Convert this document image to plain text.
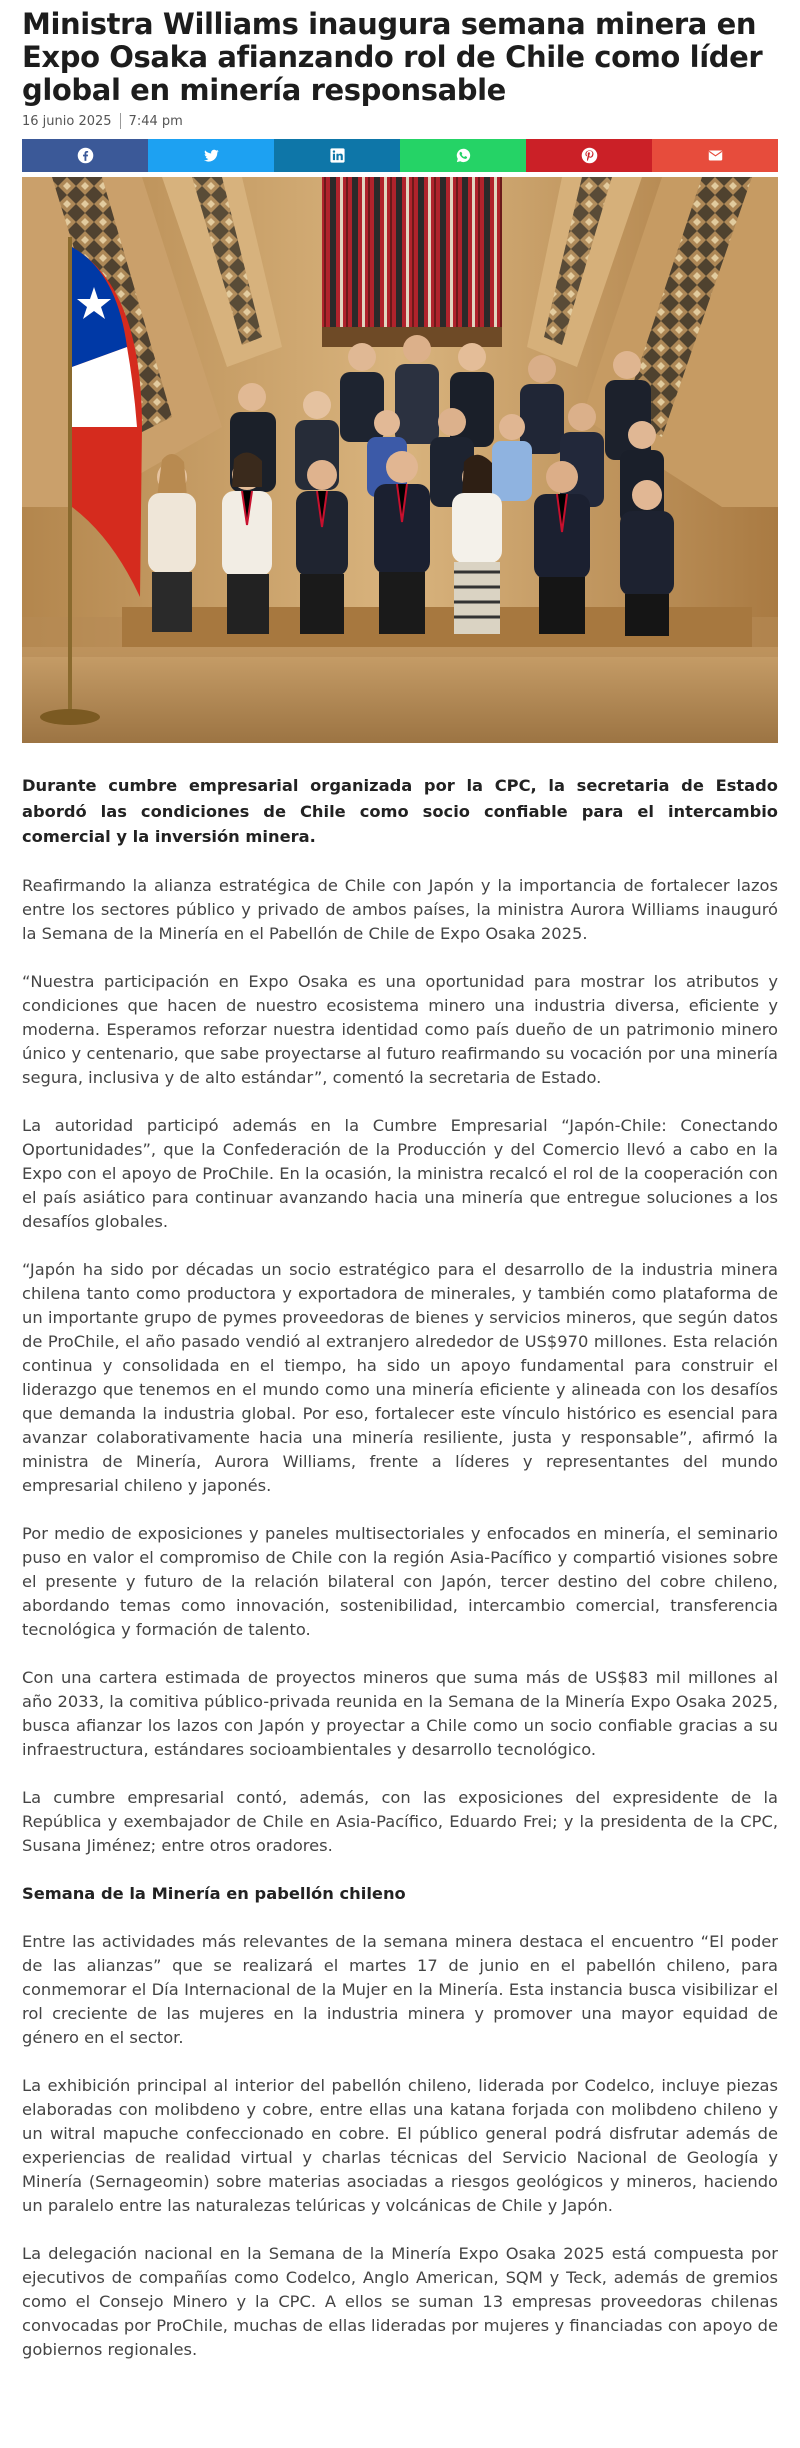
Ministra Williams inaugura semana minera en Expo Osaka afianzando rol de Chile como líder global en minería responsable
16 junio 2025 7:44 pm

Durante cumbre empresarial organizada por la CPC, la secretaria de Estado abordó las condiciones de Chile como socio confiable para el intercambio comercial y la inversión minera.

Reafirmando la alianza estratégica de Chile con Japón y la importancia de fortalecer lazos entre los sectores público y privado de ambos países, la ministra Aurora Williams inauguró la Semana de la Minería en el Pabellón de Chile de Expo Osaka 2025.

“Nuestra participación en Expo Osaka es una oportunidad para mostrar los atributos y condiciones que hacen de nuestro ecosistema minero una industria diversa, eficiente y moderna. Esperamos reforzar nuestra identidad como país dueño de un patrimonio minero único y centenario, que sabe proyectarse al futuro reafirmando su vocación por una minería segura, inclusiva y de alto estándar”, comentó la secretaria de Estado.

La autoridad participó además en la Cumbre Empresarial “Japón-Chile: Conectando Oportunidades”, que la Confederación de la Producción y del Comercio llevó a cabo en la Expo con el apoyo de ProChile. En la ocasión, la ministra recalcó el rol de la cooperación con el país asiático para continuar avanzando hacia una minería que entregue soluciones a los desafíos globales.

“Japón ha sido por décadas un socio estratégico para el desarrollo de la industria minera chilena tanto como productora y exportadora de minerales, y también como plataforma de un importante grupo de pymes proveedoras de bienes y servicios mineros, que según datos de ProChile, el año pasado vendió al extranjero alrededor de US$970 millones. Esta relación continua y consolidada en el tiempo, ha sido un apoyo fundamental para construir el liderazgo que tenemos en el mundo como una minería eficiente y alineada con los desafíos que demanda la industria global. Por eso, fortalecer este vínculo histórico es esencial para avanzar colaborativamente hacia una minería resiliente, justa y responsable”, afirmó la ministra de Minería, Aurora Williams, frente a líderes y representantes del mundo empresarial chileno y japonés.

Por medio de exposiciones y paneles multisectoriales y enfocados en minería, el seminario puso en valor el compromiso de Chile con la región Asia-Pacífico y compartió visiones sobre el presente y futuro de la relación bilateral con Japón, tercer destino del cobre chileno, abordando temas como innovación, sostenibilidad, intercambio comercial, transferencia tecnológica y formación de talento.

Con una cartera estimada de proyectos mineros que suma más de US$83 mil millones al año 2033, la comitiva público-privada reunida en la Semana de la Minería Expo Osaka 2025, busca afianzar los lazos con Japón y proyectar a Chile como un socio confiable gracias a su infraestructura, estándares socioambientales y desarrollo tecnológico.

La cumbre empresarial contó, además, con las exposiciones del expresidente de la República y exembajador de Chile en Asia-Pacífico, Eduardo Frei; y la presidenta de la CPC, Susana Jiménez; entre otros oradores.

Semana de la Minería en pabellón chileno

Entre las actividades más relevantes de la semana minera destaca el encuentro “El poder de las alianzas” que se realizará el martes 17 de junio en el pabellón chileno, para conmemorar el Día Internacional de la Mujer en la Minería. Esta instancia busca visibilizar el rol creciente de las mujeres en la industria minera y promover una mayor equidad de género en el sector.

La exhibición principal al interior del pabellón chileno, liderada por Codelco, incluye piezas elaboradas con molibdeno y cobre, entre ellas una katana forjada con molibdeno chileno y un witral mapuche confeccionado en cobre. El público general podrá disfrutar además de experiencias de realidad virtual y charlas técnicas del Servicio Nacional de Geología y Minería (Sernageomin) sobre materias asociadas a riesgos geológicos y mineros, haciendo un paralelo entre las naturalezas telúricas y volcánicas de Chile y Japón.

La delegación nacional en la Semana de la Minería Expo Osaka 2025 está compuesta por ejecutivos de compañías como Codelco, Anglo American, SQM y Teck, además de gremios como el Consejo Minero y la CPC. A ellos se suman 13 empresas proveedoras chilenas convocadas por ProChile, muchas de ellas lideradas por mujeres y financiadas con apoyo de gobiernos regionales.
